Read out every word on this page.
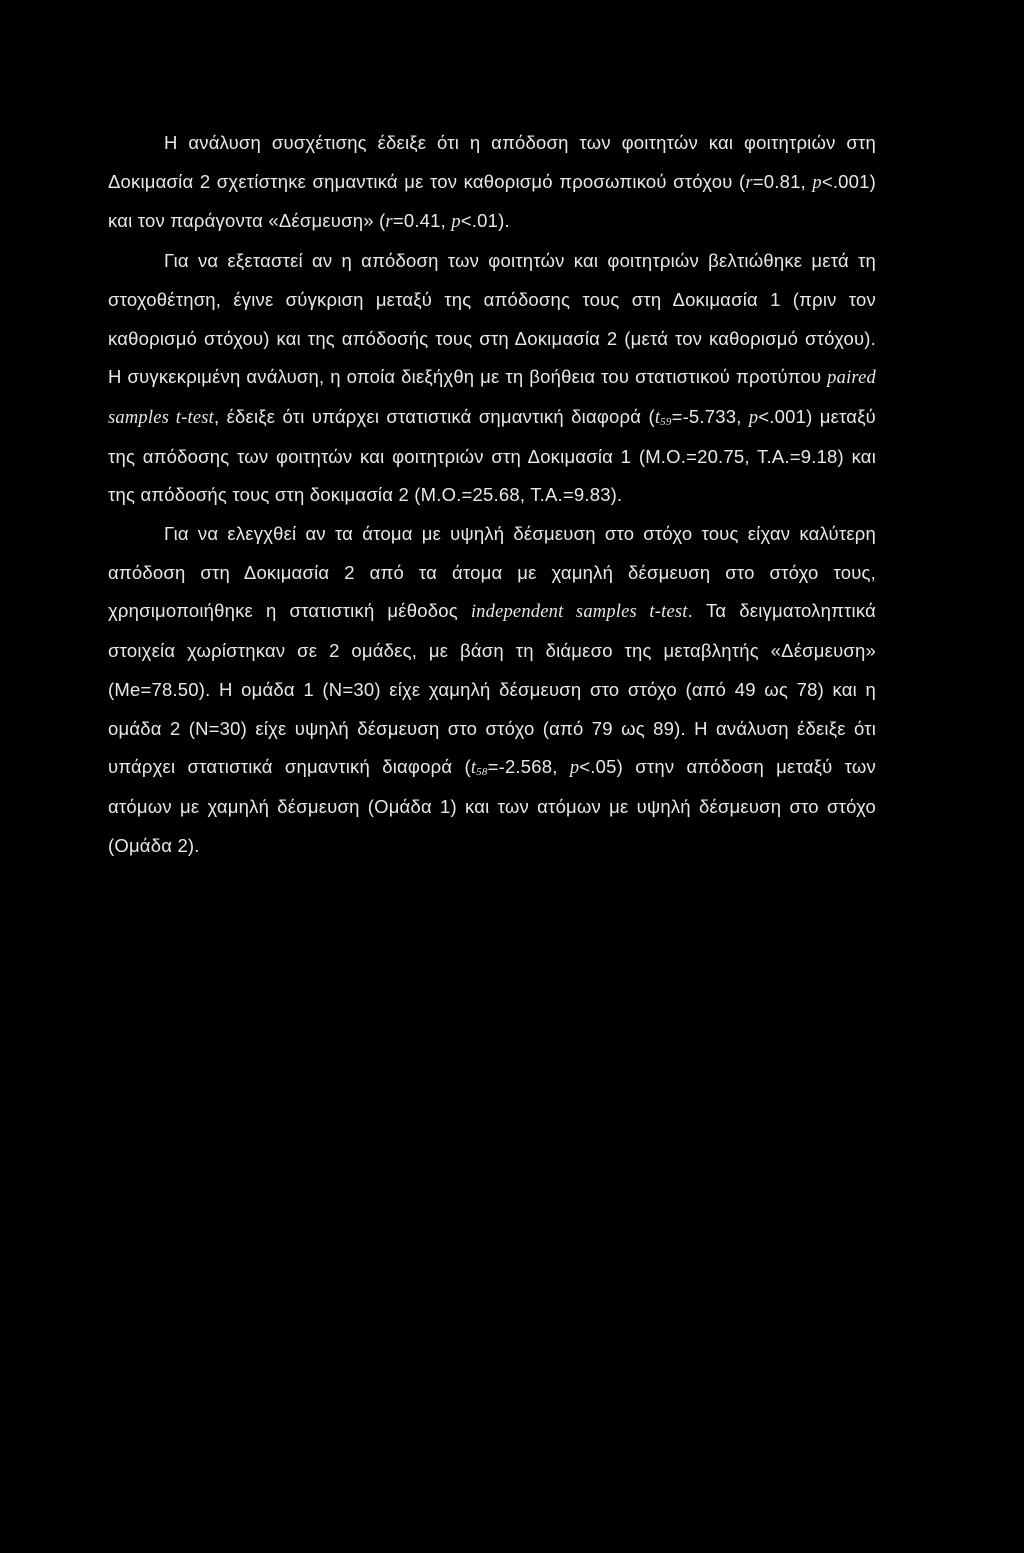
Η ανάλυση συσχέτισης έδειξε ότι η απόδοση των φοιτητών και φοιτητριών στη Δοκιμασία 2 σχετίστηκε σημαντικά με τον καθορισμό προσωπικού στόχου (r=0.81, p<.001) και τον παράγοντα «Δέσμευση» (r=0.41, p<.01).

Για να εξεταστεί αν η απόδοση των φοιτητών και φοιτητριών βελτιώθηκε μετά τη στοχοθέτηση, έγινε σύγκριση μεταξύ της απόδοσης τους στη Δοκιμασία 1 (πριν τον καθορισμό στόχου) και της απόδοσής τους στη Δοκιμασία 2 (μετά τον καθορισμό στόχου). Η συγκεκριμένη ανάλυση, η οποία διεξήχθη με τη βοήθεια του στατιστικού προτύπου paired samples t-test, έδειξε ότι υπάρχει στατιστικά σημαντική διαφορά ($t_{59}=-5.733$, p<.001) μεταξύ της απόδοσης των φοιτητών και φοιτητριών στη Δοκιμασία 1 (Μ.Ο.=20.75, Τ.Α.=9.18) και της απόδοσής τους στη δοκιμασία 2 (Μ.Ο.=25.68, Τ.Α.=9.83).

Για να ελεγχθεί αν τα άτομα με υψηλή δέσμευση στο στόχο τους είχαν καλύτερη απόδοση στη Δοκιμασία 2 από τα άτομα με χαμηλή δέσμευση στο στόχο τους, χρησιμοποιήθηκε η στατιστική μέθοδος independent samples t-test. Τα δειγματοληπτικά στοιχεία χωρίστηκαν σε 2 ομάδες, με βάση τη διάμεσο της μεταβλητής «Δέσμευση» (Me=78.50). Η ομάδα 1 (N=30) είχε χαμηλή δέσμευση στο στόχο (από 49 ως 78) και η ομάδα 2 (N=30) είχε υψηλή δέσμευση στο στόχο (από 79 ως 89). Η ανάλυση έδειξε ότι υπάρχει στατιστικά σημαντική διαφορά ($t_{58}=-2.568$, p<.05) στην απόδοση μεταξύ των ατόμων με χαμηλή δέσμευση (Ομάδα 1) και των ατόμων με υψηλή δέσμευση στο στόχο (Ομάδα 2).
